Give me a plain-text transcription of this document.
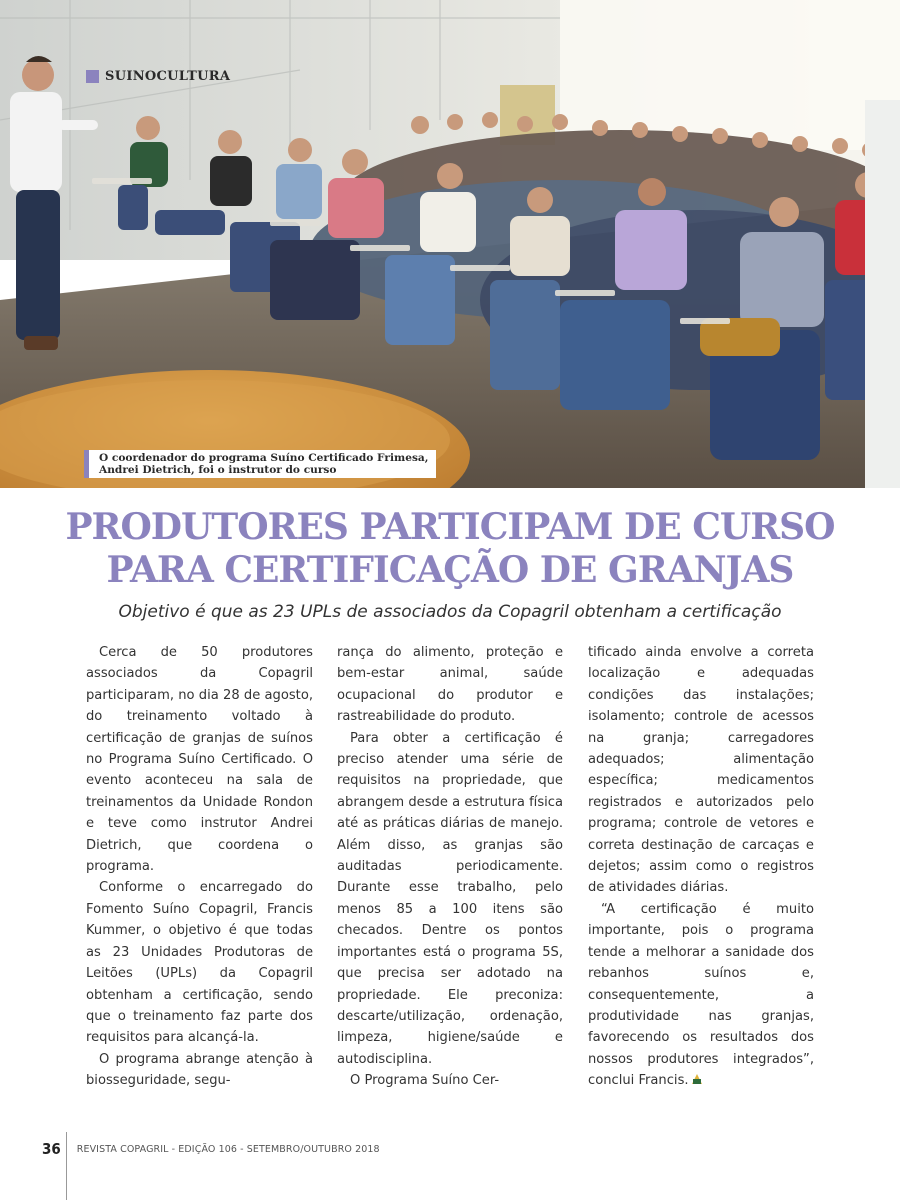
SUINOCULTURA
O coordenador do programa Suíno Certificado Frimesa,
Andrei Dietrich, foi o instrutor do curso
PRODUTORES PARTICIPAM DE CURSO
PARA CERTIFICAÇÃO DE GRANJAS

Objetivo é que as 23 UPLs de associados da Copagril obtenham a certificação

Cerca de 50 produtores associados da Copagril participaram, no dia 28 de agosto, do treinamento voltado à certificação de granjas de suínos no Programa Suíno Certificado. O evento aconteceu na sala de treinamentos da Unidade Rondon e teve como instrutor Andrei Dietrich, que coordena o programa.

Conforme o encarregado do Fomento Suíno Copagril, Francis Kummer, o objetivo é que todas as 23 Unidades Produtoras de Leitões (UPLs) da Copagril obtenham a certificação, sendo que o treinamento faz parte dos requisitos para alcançá-la.

O programa abrange atenção à biosseguridade, segu-

rança do alimento, proteção e bem-estar animal, saúde ocupacional do produtor e rastreabilidade do produto.

Para obter a certificação é preciso atender uma série de requisitos na propriedade, que abrangem desde a estrutura física até as práticas diárias de manejo. Além disso, as granjas são auditadas periodicamente. Durante esse trabalho, pelo menos 85 a 100 itens são checados. Dentre os pontos importantes está o programa 5S, que precisa ser adotado na propriedade. Ele preconiza: descarte/utilização, ordenação, limpeza, higiene/saúde e autodisciplina.

O Programa Suíno Cer-

tificado ainda envolve a correta localização e adequadas condições das instalações; isolamento; controle de acessos na granja; carregadores adequados; alimentação específica; medicamentos registrados e autorizados pelo programa; controle de vetores e correta destinação de carcaças e dejetos; assim como o registros de atividades diárias.

“A certificação é muito importante, pois o programa tende a melhorar a sanidade dos rebanhos suínos e, consequentemente, a produtividade nas granjas, favorecendo os resultados dos nossos produtores integrados”, conclui Francis.

36 REVISTA COPAGRIL - EDIÇÃO 106 - SETEMBRO/OUTUBRO 2018
